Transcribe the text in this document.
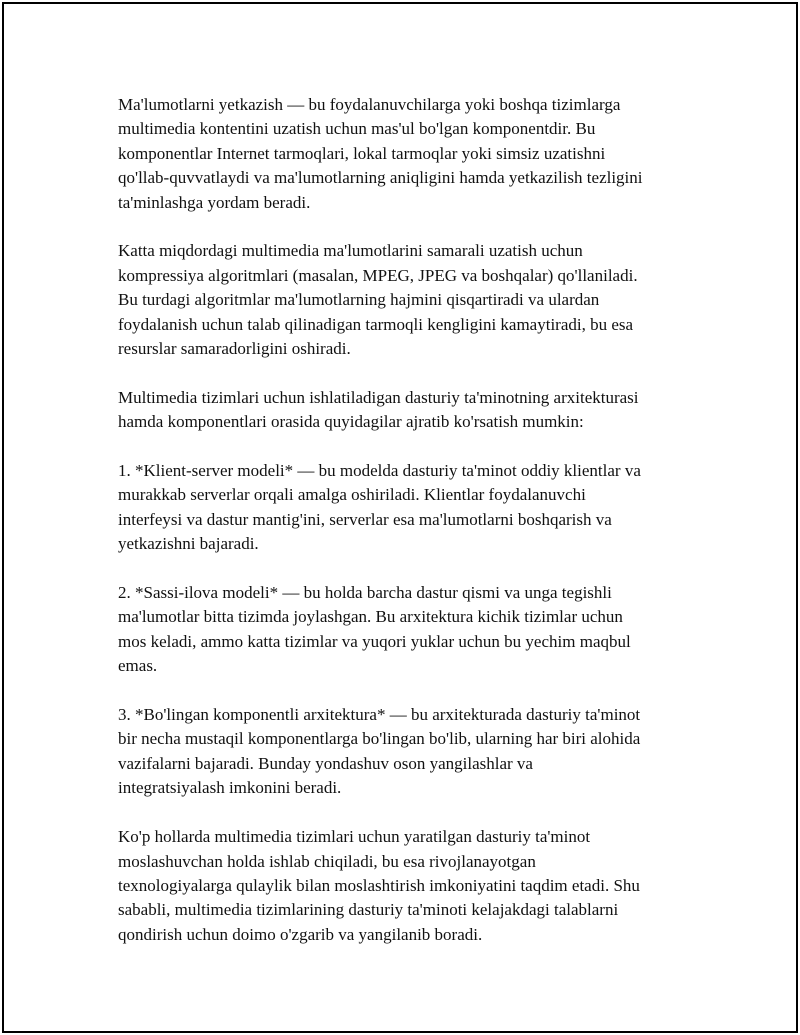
Ma'lumotlarni yetkazish — bu foydalanuvchilarga yoki boshqa tizimlarga
multimedia kontentini uzatish uchun mas'ul bo'lgan komponentdir. Bu
komponentlar Internet tarmoqlari, lokal tarmoqlar yoki simsiz uzatishni
qo'llab-quvvatlaydi va ma'lumotlarning aniqligini hamda yetkazilish tezligini
ta'minlashga yordam beradi.

Katta miqdordagi multimedia ma'lumotlarini samarali uzatish uchun
kompressiya algoritmlari (masalan, MPEG, JPEG va boshqalar) qo'llaniladi.
Bu turdagi algoritmlar ma'lumotlarning hajmini qisqartiradi va ulardan
foydalanish uchun talab qilinadigan tarmoqli kengligini kamaytiradi, bu esa
resurslar samaradorligini oshiradi.

Multimedia tizimlari uchun ishlatiladigan dasturiy ta'minotning arxitekturasi
hamda komponentlari orasida quyidagilar ajratib ko'rsatish mumkin:

1. *Klient-server modeli* — bu modelda dasturiy ta'minot oddiy klientlar va
murakkab serverlar orqali amalga oshiriladi. Klientlar foydalanuvchi
interfeysi va dastur mantig'ini, serverlar esa ma'lumotlarni boshqarish va
yetkazishni bajaradi.

2. *Sassi-ilova modeli* — bu holda barcha dastur qismi va unga tegishli
ma'lumotlar bitta tizimda joylashgan. Bu arxitektura kichik tizimlar uchun
mos keladi, ammo katta tizimlar va yuqori yuklar uchun bu yechim maqbul
emas.

3. *Bo'lingan komponentli arxitektura* — bu arxitekturada dasturiy ta'minot
bir necha mustaqil komponentlarga bo'lingan bo'lib, ularning har biri alohida
vazifalarni bajaradi. Bunday yondashuv oson yangilashlar va
integratsiyalash imkonini beradi.

Ko'p hollarda multimedia tizimlari uchun yaratilgan dasturiy ta'minot
moslashuvchan holda ishlab chiqiladi, bu esa rivojlanayotgan
texnologiyalarga qulaylik bilan moslashtirish imkoniyatini taqdim etadi. Shu
sababli, multimedia tizimlarining dasturiy ta'minoti kelajakdagi talablarni
qondirish uchun doimo o'zgarib va yangilanib boradi.
